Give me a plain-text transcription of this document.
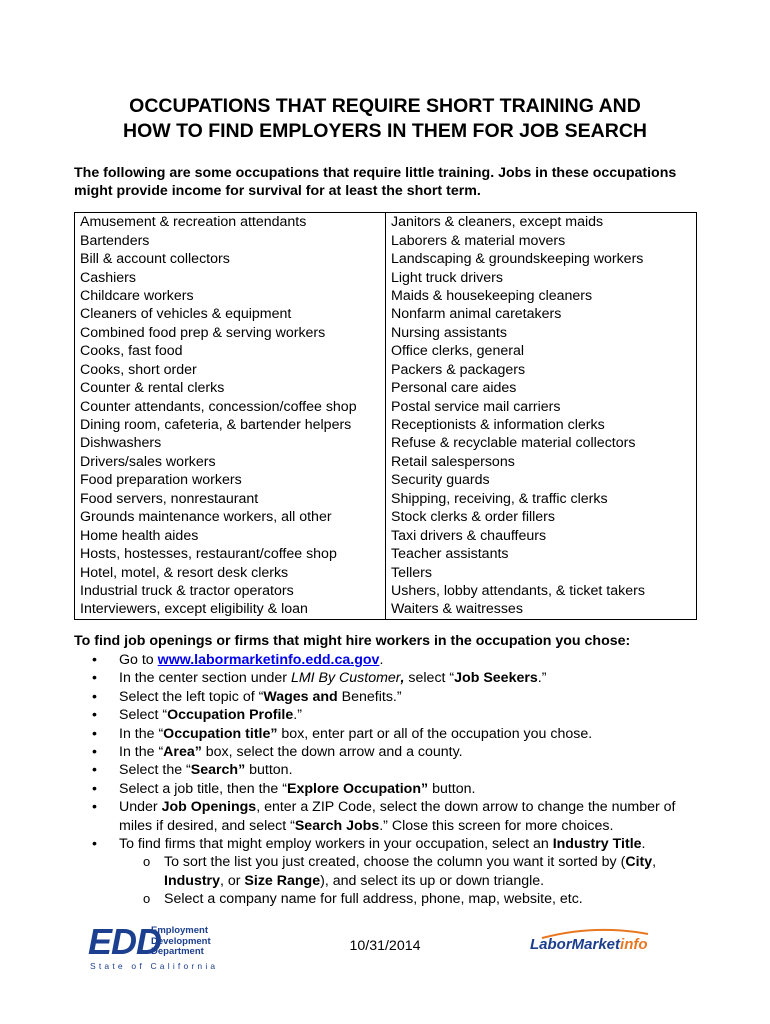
OCCUPATIONS THAT REQUIRE SHORT TRAINING AND
HOW TO FIND EMPLOYERS IN THEM FOR JOB SEARCH
The following are some occupations that require little training. Jobs in these occupations might provide income for survival for at least the short term.
Amusement & recreation attendants	Janitors & cleaners, except maids
Bartenders	Laborers & material movers
Bill & account collectors	Landscaping & groundskeeping workers
Cashiers	Light truck drivers
Childcare workers	Maids & housekeeping cleaners
Cleaners of vehicles & equipment	Nonfarm animal caretakers
Combined food prep & serving workers	Nursing assistants
Cooks, fast food	Office clerks, general
Cooks, short order	Packers & packagers
Counter & rental clerks	Personal care aides
Counter attendants, concession/coffee shop	Postal service mail carriers
Dining room, cafeteria, & bartender helpers	Receptionists & information clerks
Dishwashers	Refuse & recyclable material collectors
Drivers/sales workers	Retail salespersons
Food preparation workers	Security guards
Food servers, nonrestaurant	Shipping, receiving, & traffic clerks
Grounds maintenance workers, all other	Stock clerks & order fillers
Home health aides	Taxi drivers & chauffeurs
Hosts, hostesses, restaurant/coffee shop	Teacher assistants
Hotel, motel, & resort desk clerks	Tellers
Industrial truck & tractor operators	Ushers, lobby attendants, & ticket takers
Interviewers, except eligibility & loan	Waiters & waitresses
To find job openings or firms that might hire workers in the occupation you chose:
• Go to www.labormarketinfo.edd.ca.gov.
• In the center section under LMI By Customer, select “Job Seekers.”
• Select the left topic of “Wages and Benefits.”
• Select “Occupation Profile.”
• In the “Occupation title” box, enter part or all of the occupation you chose.
• In the “Area” box, select the down arrow and a county.
• Select the “Search” button.
• Select a job title, then the “Explore Occupation” button.
• Under Job Openings, enter a ZIP Code, select the down arrow to change the number of miles if desired, and select “Search Jobs.” Close this screen for more choices.
• To find firms that might employ workers in your occupation, select an Industry Title.
o To sort the list you just created, choose the column you want it sorted by (City, Industry, or Size Range), and select its up or down triangle.
o Select a company name for full address, phone, map, website, etc.
EDD
Employment
Development
Department
State of California
10/31/2014	LaborMarketinfo
